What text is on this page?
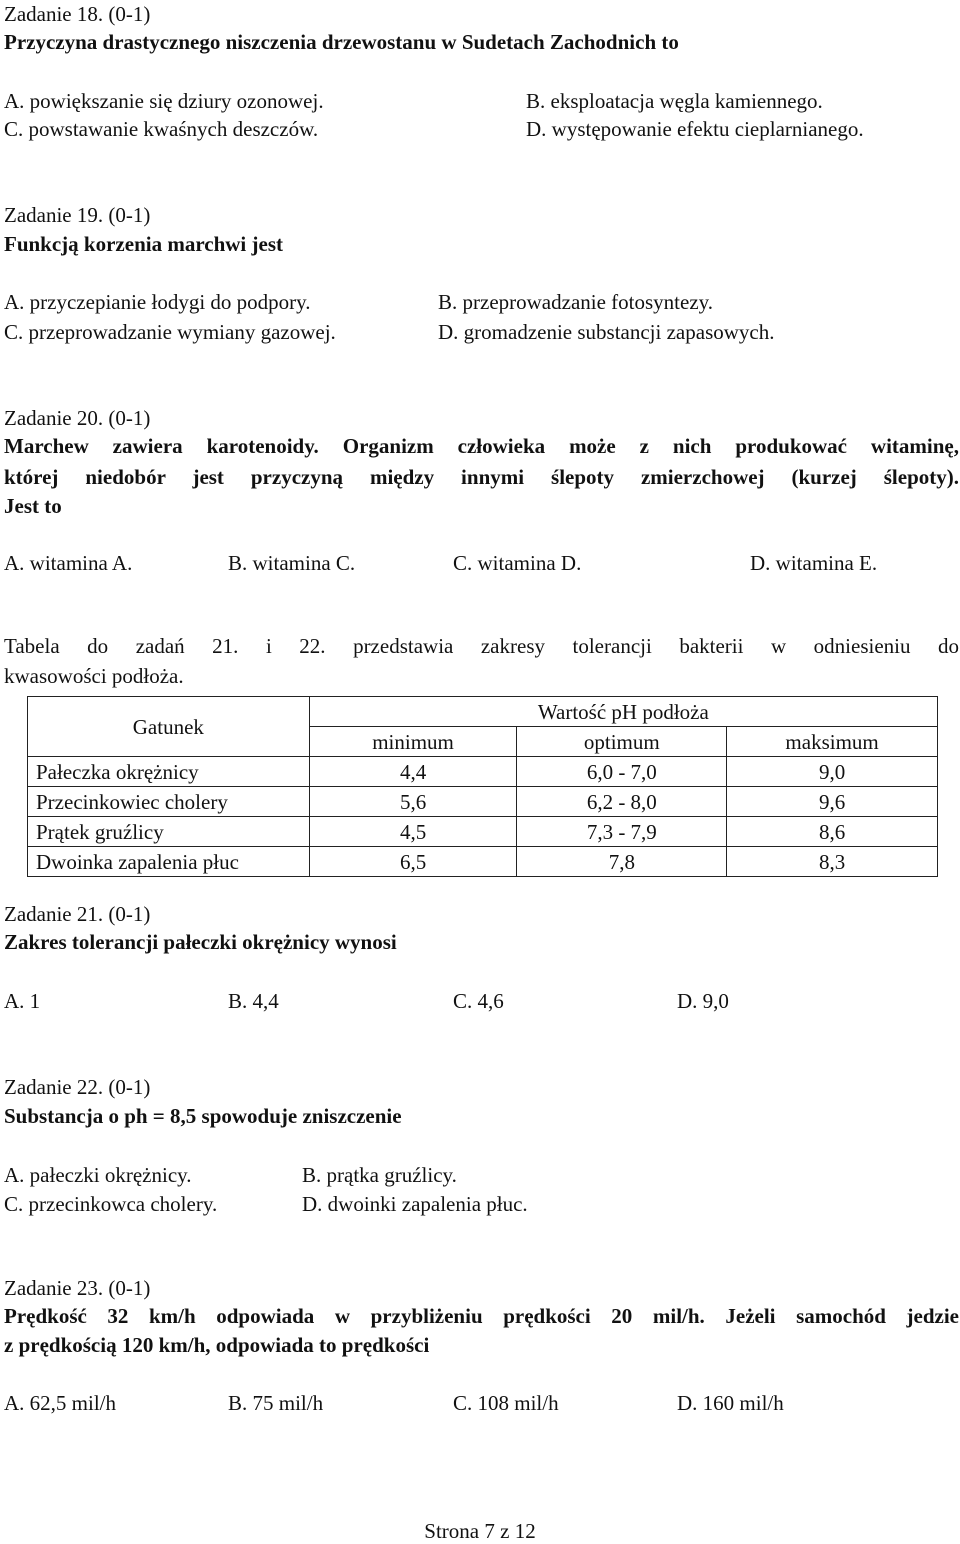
Zadanie 18. (0-1)
Przyczyna drastycznego niszczenia drzewostanu w Sudetach Zachodnich to
A. powiększanie się dziury ozonowej.	B. eksploatacja węgla kamiennego.
C. powstawanie kwaśnych deszczów.	D. występowanie efektu cieplarnianego.
Zadanie 19. (0-1)
Funkcją korzenia marchwi jest
A. przyczepianie łodygi do podpory.	B. przeprowadzanie fotosyntezy.
C. przeprowadzanie wymiany gazowej.	D. gromadzenie substancji zapasowych.
Zadanie 20. (0-1)
Marchew zawiera karotenoidy. Organizm człowieka może z nich produkować witaminę,
której niedobór jest przyczyną między innymi ślepoty zmierzchowej (kurzej ślepoty).
Jest to
A. witamina A.	B. witamina C.	C. witamina D.	D. witamina E.
Tabela do zadań 21. i 22. przedstawia zakresy tolerancji bakterii w odniesieniu do
kwasowości podłoża.
Gatunek	Wartość pH podłoża		
	minimum	optimum	maksimum
Pałeczka okrężnicy	4,4	6,0 - 7,0	9,0
Przecinkowiec cholery	5,6	6,2 - 8,0	9,6
Prątek gruźlicy	4,5	7,3 - 7,9	8,6
Dwoinka zapalenia płuc	6,5	7,8	8,3
Zadanie 21. (0-1)
Zakres tolerancji pałeczki okrężnicy wynosi
A. 1	B. 4,4	C. 4,6	D. 9,0
Zadanie 22. (0-1)
Substancja o ph = 8,5 spowoduje zniszczenie
A. pałeczki okrężnicy.	B. prątka gruźlicy.
C. przecinkowca cholery.	D. dwoinki zapalenia płuc.
Zadanie 23. (0-1)
Prędkość 32 km/h odpowiada w przybliżeniu prędkości 20 mil/h. Jeżeli samochód jedzie
z prędkością 120 km/h, odpowiada to prędkości
A. 62,5 mil/h	B. 75 mil/h	C. 108 mil/h	D. 160 mil/h
Strona 7 z 12
